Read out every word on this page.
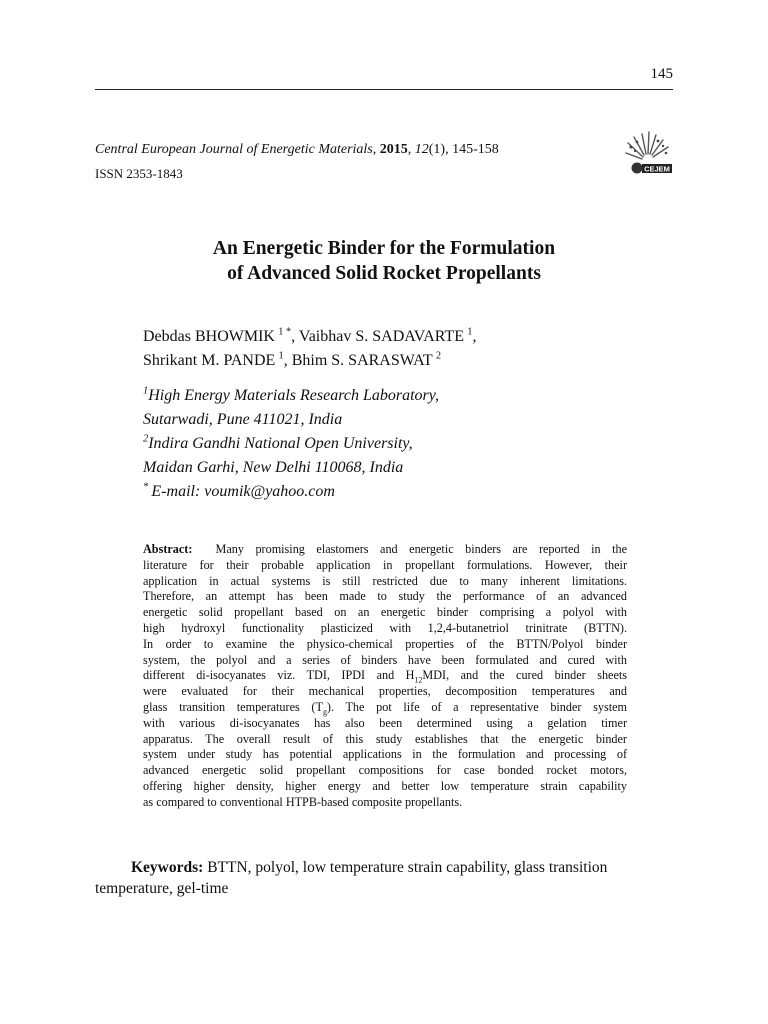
145
Central European Journal of Energetic Materials, 2015, 12(1), 145-158
ISSN 2353-1843	CEJEM
An Energetic Binder for the Formulation
of Advanced Solid Rocket Propellants
Debdas BHOWMIK  $^{1 *}$, Vaibhav S. SADAVARTE  $^1$,
Shrikant M. PANDE  $^1$, Bhim S. SARASWAT  $^2$
$^1$High Energy Materials Research Laboratory,
Sutarwadi, Pune 411021, India
$^2$Indira Gandhi National Open University,
Maidan Garhi, New Delhi 110068, India
*  E-mail: voumik@yahoo.com
Abstract: Many promising elastomers and energetic binders are reported in the
literature for their probable application in propellant formulations. However, their
application in actual systems is still restricted due to many inherent limitations.
Therefore, an attempt has been made to study the performance of an advanced
energetic solid propellant based on an energetic binder comprising a polyol with
high hydroxyl functionality plasticized with 1,2,4-butanetriol trinitrate (BTTN).
In order to examine the physico-chemical properties of the BTTN/Polyol binder
system, the polyol and a series of binders have been formulated and cured with
different di-isocyanates viz. TDI, IPDI and $H_{12}MDI$, and the cured binder sheets
were evaluated for their mechanical properties, decomposition temperatures and
glass transition temperatures $(T_g)$. The pot life of a representative binder system
with various di-isocyanates has also been determined using a gelation timer
apparatus. The overall result of this study establishes that the energetic binder
system under study has potential applications in the formulation and processing of
advanced energetic solid propellant compositions for case bonded rocket motors,
offering higher density, higher energy and better low temperature strain capability
as compared to conventional HTPB-based composite propellants.
Keywords: BTTN, polyol, low temperature strain capability, glass transition temperature, gel-time
